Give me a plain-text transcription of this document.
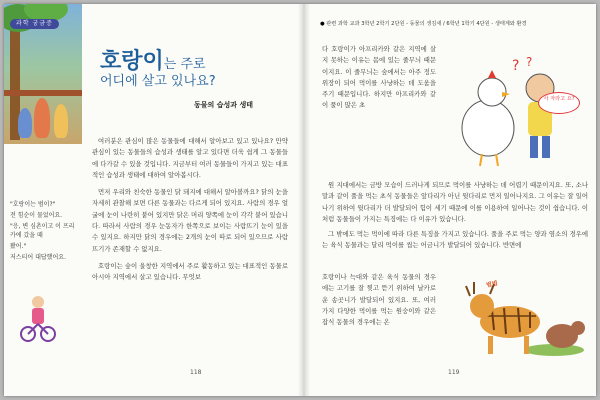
과학 궁금증
호랑이는 주로
어디에 살고 있나요?
동물의 습성과 생태

"호랑이는 범이?"

전 힘순이 물었어요.

"응, 변 심촌이고 이 프리카에 갔을 때

봤어."

저스티어 대답했어요.

여러분은 관심이 많은 동물들에 대해서 알아보고 있고 있나요? 만약 관심이 있는 동물들의 습성과 생태를 알고 있다면 더욱 쉽게 그 동물들에 다가갈 수 있을 것입니다. 지금부터 여러 동물들이 가지고 있는 대표적인 습성과 생태에 대하여 알아봅시다.

먼저 우리와 친숙한 동물인 닭 돼지에 대해서 알아볼까요? 닭의 눈을 자세히 관찰해 보면 다른 동물과는 다르게 되어 있지요. 사람의 경우 얼굴에 눈이 나란히 붙어 있지만 닭은 머리 양쪽에 눈이 각각 붙어 있습니다. 따라서 사람의 경우 눈동자가 한쪽으로 보이는 사람뜨기 눈이 있을 수 있지요. 하지만 닭의 경우에는 2개의 눈이 따로 되어 있으므로 사람뜨기가 존재할 수 없지요.

호랑이는 숲이 울창한 지역에서 주로 활동하고 있는 대표적인 동물로 아시아 지역에서 살고 있습니다. 무엇보

118
● 관련 과학 교과 3학년 2학기 2단원 - 동물의 생김새 / 6학년 1학기 4단원 - 생태계와 환경
다 호랑이가 아프리카와 같은 지역에 살지 못하는 이유는 몸에 있는 줄무늬 때문이지요. 이 줄무늬는 숲에서는 아주 정도 위장이 되어 먹이를 사냥하는 데 도움을 주기 때문입니다. 하지만 아프리카와 같이 풀이 많은 초
? ?
사 자라고 요?

원 지대에서는 금방 모습이 드러나게 되므로 먹이를 사냥하는 데 어렵기 때문이지요. 또, 소나 말과 같이 풀을 먹는 초식 동물들은 앞다리가 아닌 뒷다리로 먼저 일어나지요. 그 이유는 잘 일어나기 위하여 뒷다리가 더 발달되어 힘이 세기 때문에 이를 이용하여 일어나는 것이 쉽습니다. 이처럼 동물들이 가지는 특징에는 다 이유가 있습니다.

그 밖에도 먹는 먹이에 따라 다른 특징을 가지고 있습니다. 풀을 주로 먹는 양과 염소의 경우에는 육식 동물과는 달리 먹이를 씹는 어금니가 발달되어 있습니다. 반면에

호랑이나 늑대와 같은 육식 동물의 경우에는 고기를 잘 찢고 뜯기 위하여 날카로운 송곳니가 발달되어 있지요. 또, 여러 가지 다양한 먹이를 먹는 원숭이와 같은 잡식 동물의 경우에는 온
범범
119
